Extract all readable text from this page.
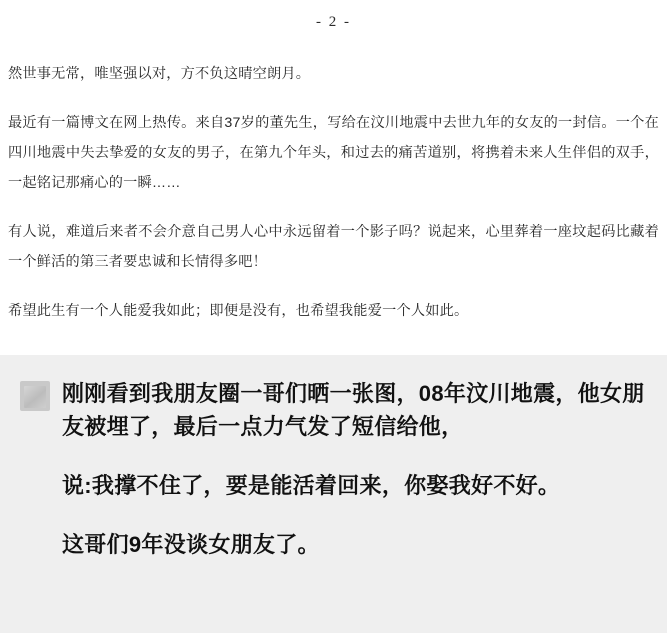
- 2 -

然世事无常，唯坚强以对，方不负这晴空朗月。

最近有一篇博文在网上热传。来自37岁的董先生，写给在汶川地震中去世九年的女友的一封信。一个在四川地震中失去挚爱的女友的男子，在第九个年头，和过去的痛苦道别，将携着未来人生伴侣的双手，一起铭记那痛心的一瞬……

有人说，难道后来者不会介意自己男人心中永远留着一个影子吗？说起来，心里葬着一座坟起码比藏着一个鲜活的第三者要忠诚和长情得多吧！

希望此生有一个人能爱我如此；即便是没有，也希望我能爱一个人如此。

刚刚看到我朋友圈一哥们晒一张图，08年汶川地震，他女朋友被埋了，最后一点力气发了短信给他，

说:我撑不住了，要是能活着回来，你娶我好不好。

这哥们9年没谈女朋友了。
